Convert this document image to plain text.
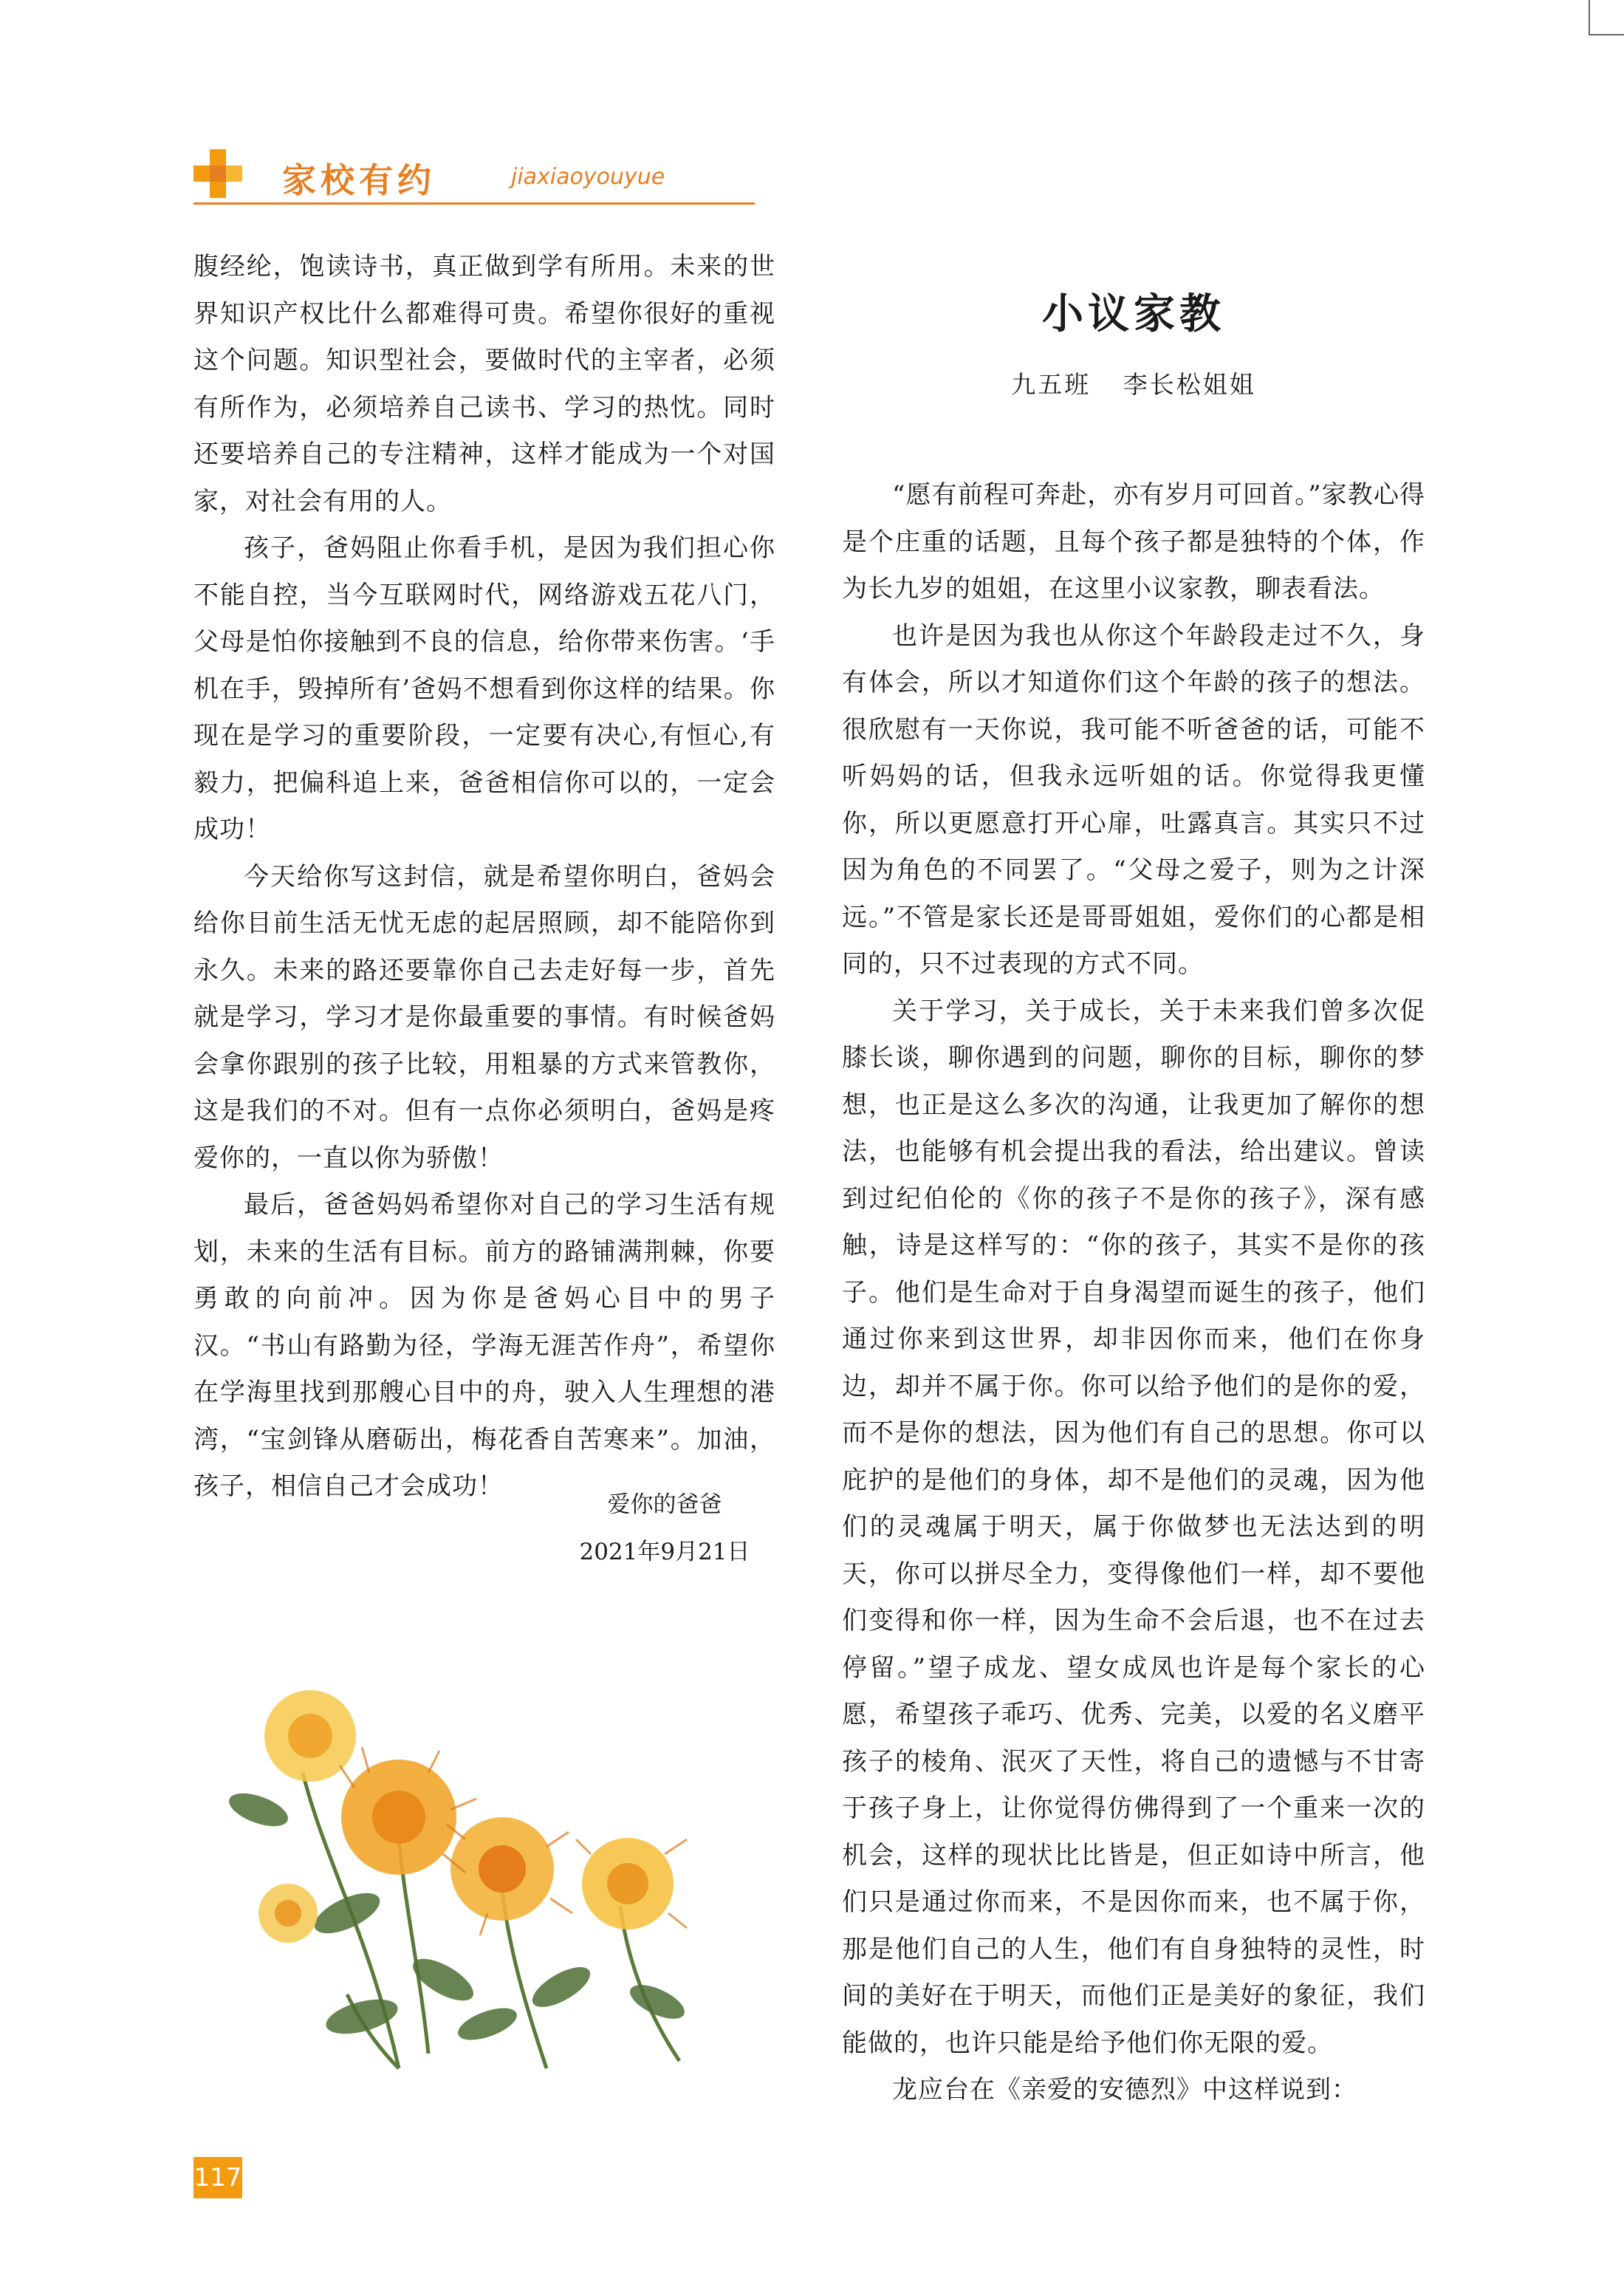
家校有约	jiaxiaoyouyue

腹经纶，饱读诗书，真正做到学有所用。未来的世界知识产权比什么都难得可贵。希望你很好的重视这个问题。知识型社会，要做时代的主宰者，必须有所作为，必须培养自己读书、学习的热忱。同时还要培养自己的专注精神，这样才能成为一个对国家，对社会有用的人。

孩子，爸妈阻止你看手机，是因为我们担心你不能自控，当今互联网时代，网络游戏五花八门，父母是怕你接触到不良的信息，给你带来伤害。‘手机在手，毁掉所有’爸妈不想看到你这样的结果。你现在是学习的重要阶段，一定要有决心,有恒心,有毅力，把偏科追上来，爸爸相信你可以的，一定会成功！

今天给你写这封信，就是希望你明白，爸妈会给你目前生活无忧无虑的起居照顾，却不能陪你到永久。未来的路还要靠你自己去走好每一步，首先就是学习，学习才是你最重要的事情。有时候爸妈会拿你跟别的孩子比较，用粗暴的方式来管教你，这是我们的不对。但有一点你必须明白，爸妈是疼爱你的，一直以你为骄傲！

最后，爸爸妈妈希望你对自己的学习生活有规划，未来的生活有目标。前方的路铺满荆棘，你要勇敢的向前冲。因为你是爸妈心目中的男子汉。“书山有路勤为径，学海无涯苦作舟”，希望你在学海里找到那艘心目中的舟，驶入人生理想的港湾，“宝剑锋从磨砺出，梅花香自苦寒来”。加油，孩子，相信自己才会成功！

爱你的爸爸
2021年9月21日
小议家教
九五班 李长松姐姐

“愿有前程可奔赴，亦有岁月可回首。”家教心得是个庄重的话题，且每个孩子都是独特的个体，作为长九岁的姐姐，在这里小议家教，聊表看法。

也许是因为我也从你这个年龄段走过不久，身有体会，所以才知道你们这个年龄的孩子的想法。很欣慰有一天你说，我可能不听爸爸的话，可能不听妈妈的话，但我永远听姐的话。你觉得我更懂你，所以更愿意打开心扉，吐露真言。其实只不过因为角色的不同罢了。“父母之爱子，则为之计深远。”不管是家长还是哥哥姐姐，爱你们的心都是相同的，只不过表现的方式不同。

关于学习，关于成长，关于未来我们曾多次促膝长谈，聊你遇到的问题，聊你的目标，聊你的梦想，也正是这么多次的沟通，让我更加了解你的想法，也能够有机会提出我的看法，给出建议。曾读到过纪伯伦的《你的孩子不是你的孩子》，深有感触，诗是这样写的：“你的孩子，其实不是你的孩子。他们是生命对于自身渴望而诞生的孩子，他们通过你来到这世界，却非因你而来，他们在你身边，却并不属于你。你可以给予他们的是你的爱，而不是你的想法，因为他们有自己的思想。你可以庇护的是他们的身体，却不是他们的灵魂，因为他们的灵魂属于明天，属于你做梦也无法达到的明天，你可以拼尽全力，变得像他们一样，却不要他们变得和你一样，因为生命不会后退，也不在过去停留。”望子成龙、望女成凤也许是每个家长的心愿，希望孩子乖巧、优秀、完美，以爱的名义磨平孩子的棱角、泯灭了天性，将自己的遗憾与不甘寄于孩子身上，让你觉得仿佛得到了一个重来一次的机会，这样的现状比比皆是，但正如诗中所言，他们只是通过你而来，不是因你而来，也不属于你，那是他们自己的人生，他们有自身独特的灵性，时间的美好在于明天，而他们正是美好的象征，我们能做的，也许只能是给予他们你无限的爱。

龙应台在《亲爱的安德烈》中这样说到：

117
